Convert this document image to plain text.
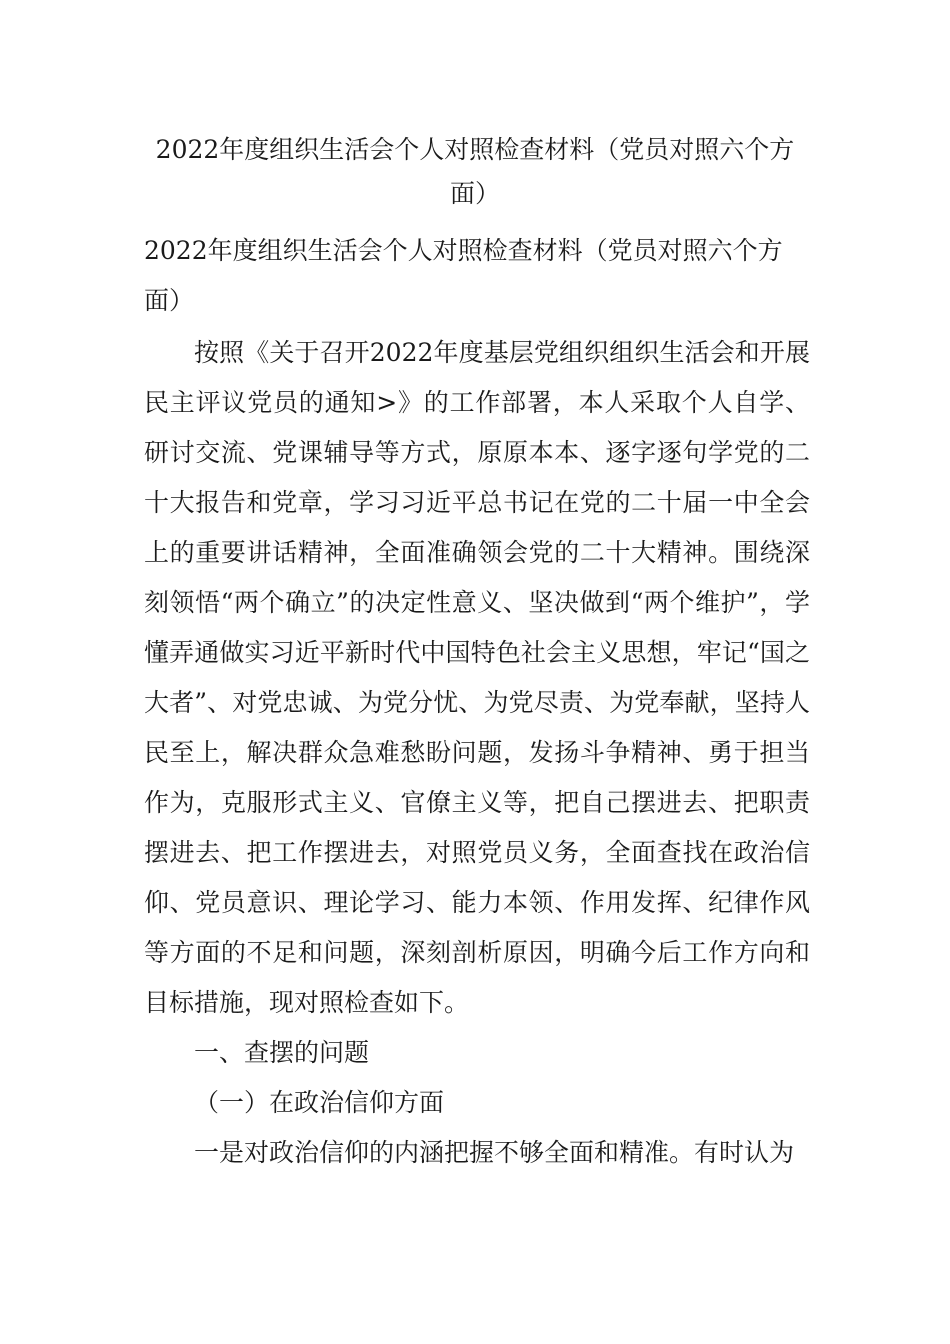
2022年度组织生活会个人对照检查材料（党员对照六个方面）

2022年度组织生活会个人对照检查材料（党员对照六个方面）

按照《关于召开2022年度基层党组织组织生活会和开展民主评议党员的通知>》的工作部署，本人采取个人自学、研讨交流、党课辅导等方式，原原本本、逐字逐句学党的二十大报告和党章，学习习近平总书记在党的二十届一中全会上的重要讲话精神，全面准确领会党的二十大精神。围绕深刻领悟“两个确立”的决定性意义、坚决做到“两个维护”，学懂弄通做实习近平新时代中国特色社会主义思想，牢记“国之大者”、对党忠诚、为党分忧、为党尽责、为党奉献，坚持人民至上，解决群众急难愁盼问题，发扬斗争精神、勇于担当作为，克服形式主义、官僚主义等，把自己摆进去、把职责摆进去、把工作摆进去，对照党员义务，全面查找在政治信仰、党员意识、理论学习、能力本领、作用发挥、纪律作风等方面的不足和问题，深刻剖析原因，明确今后工作方向和目标措施，现对照检查如下。

一、查摆的问题

（一）在政治信仰方面

一是对政治信仰的内涵把握不够全面和精准。有时认为
